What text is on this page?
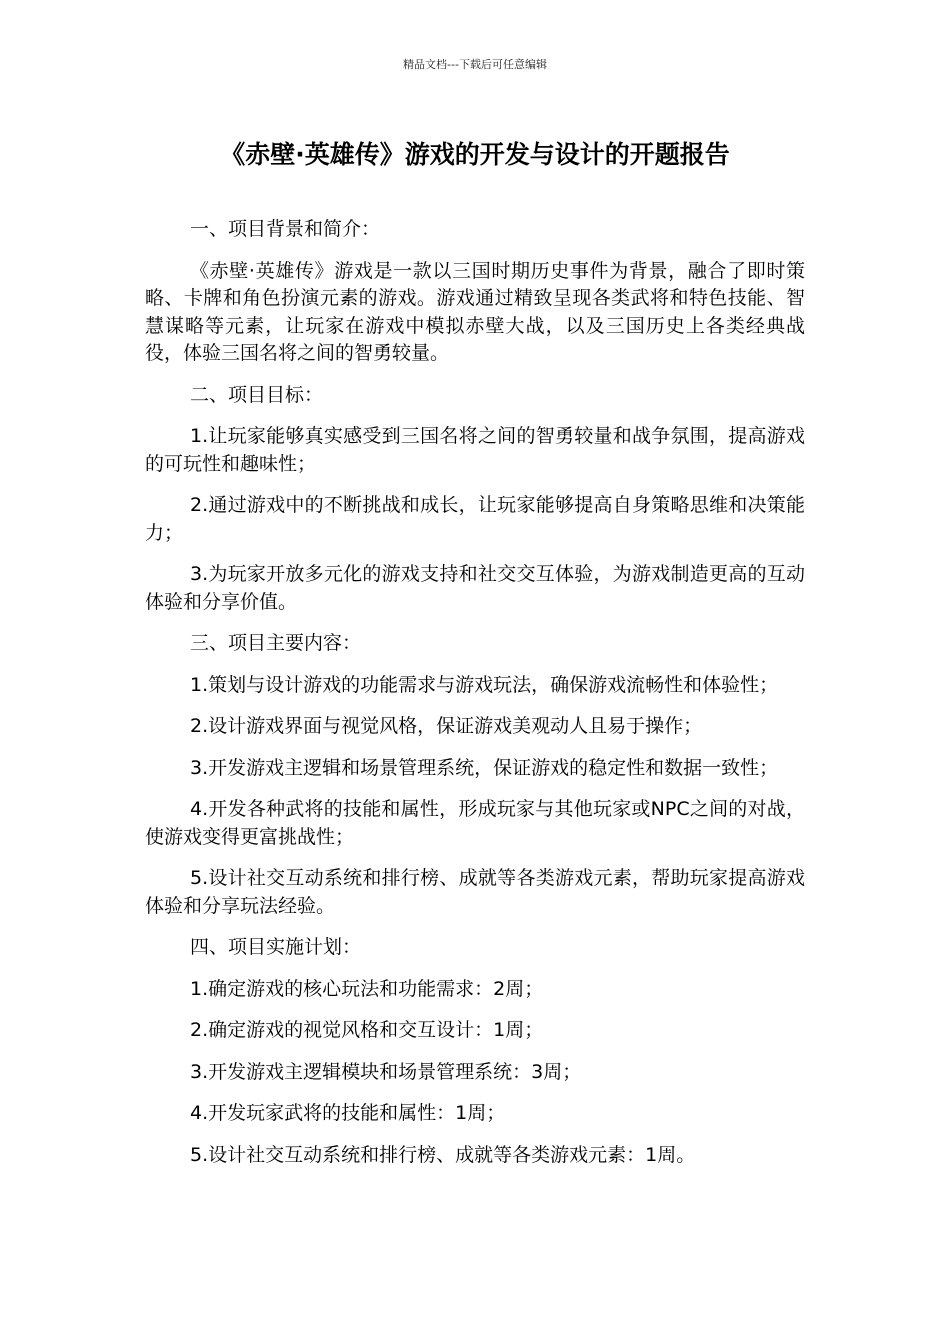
精品文档---下载后可任意编辑
《赤壁·英雄传》游戏的开发与设计的开题报告

一、项目背景和简介：

《赤壁·英雄传》游戏是一款以三国时期历史事件为背景，融合了即时策略、卡牌和角色扮演元素的游戏。游戏通过精致呈现各类武将和特色技能、智慧谋略等元素，让玩家在游戏中模拟赤壁大战，以及三国历史上各类经典战役，体验三国名将之间的智勇较量。

二、项目目标：

1.让玩家能够真实感受到三国名将之间的智勇较量和战争氛围，提高游戏的可玩性和趣味性；

2.通过游戏中的不断挑战和成长，让玩家能够提高自身策略思维和决策能力；

3.为玩家开放多元化的游戏支持和社交交互体验，为游戏制造更高的互动体验和分享价值。

三、项目主要内容：

1.策划与设计游戏的功能需求与游戏玩法，确保游戏流畅性和体验性；

2.设计游戏界面与视觉风格，保证游戏美观动人且易于操作；

3.开发游戏主逻辑和场景管理系统，保证游戏的稳定性和数据一致性；

4.开发各种武将的技能和属性，形成玩家与其他玩家或NPC之间的对战，使游戏变得更富挑战性；

5.设计社交互动系统和排行榜、成就等各类游戏元素，帮助玩家提高游戏体验和分享玩法经验。

四、项目实施计划：

1.确定游戏的核心玩法和功能需求：2周；

2.确定游戏的视觉风格和交互设计：1周；

3.开发游戏主逻辑模块和场景管理系统：3周；

4.开发玩家武将的技能和属性：1周；

5.设计社交互动系统和排行榜、成就等各类游戏元素：1周。
